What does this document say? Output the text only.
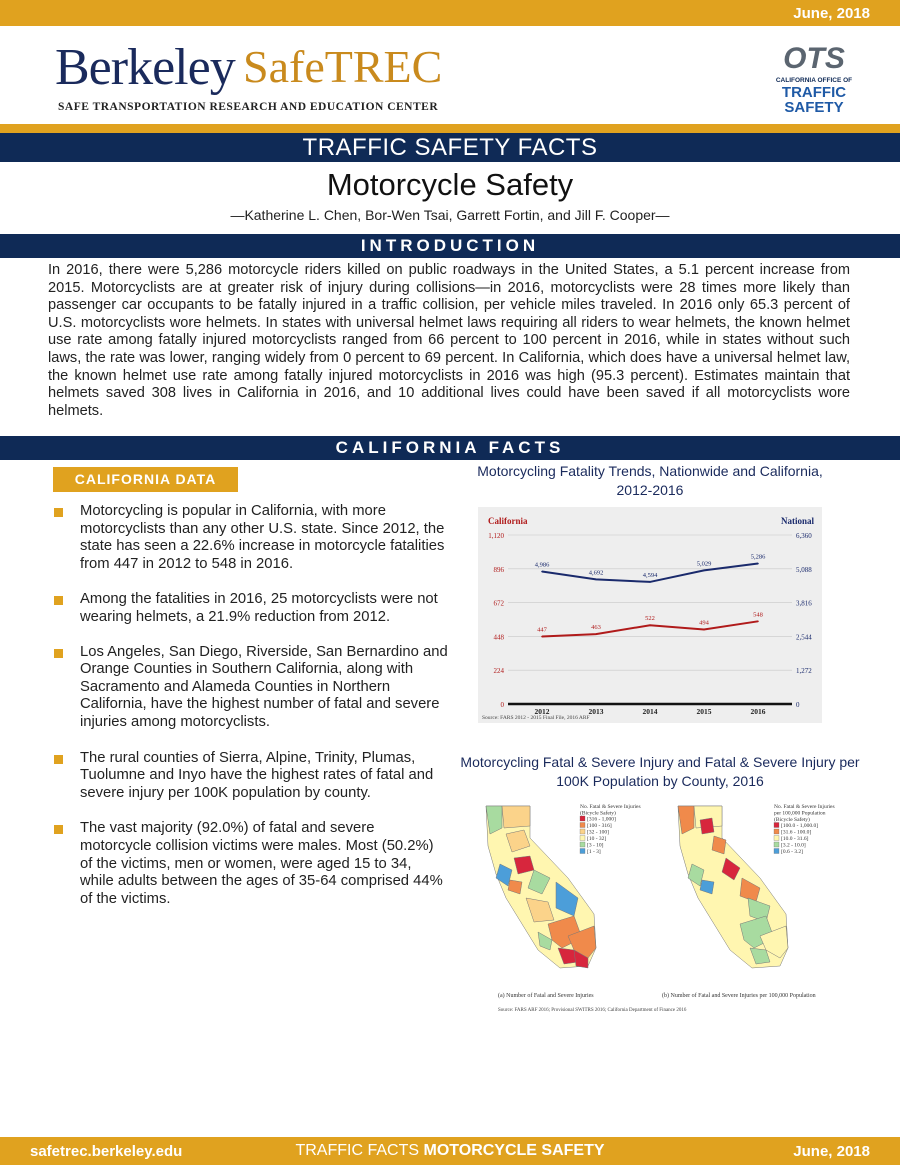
June, 2018
Berkeley SafeTREC
SAFE TRANSPORTATION RESEARCH AND EDUCATION CENTER
OTS
CALIFORNIA OFFICE OF
TRAFFIC
SAFETY
TRAFFIC SAFETY FACTS
Motorcycle Safety
—Katherine L. Chen, Bor-Wen Tsai, Garrett Fortin, and Jill F. Cooper—
INTRODUCTION
In 2016, there were 5,286 motorcycle riders killed on public roadways in the United States, a 5.1 percent increase from 2015. Motorcyclists are at greater risk of injury during collisions—in 2016, motorcyclists were 28 times more likely than passenger car occupants to be fatally injured in a traffic collision, per vehicle miles traveled. In 2016 only 65.3 percent of U.S. motorcyclists wore helmets. In states with universal helmet laws requiring all riders to wear helmets, the known helmet use rate among fatally injured motorcyclists ranged from 66 percent to 100 percent in 2016, while in states without such laws, the rate was lower, ranging widely from 0 percent to 69 percent. In California, which does have a universal helmet law, the known helmet use rate among fatally injured motorcyclists in 2016 was high (95.3 percent). Estimates maintain that helmets saved 308 lives in California in 2016, and 10 additional lives could have been saved if all motorcyclists wore helmets.
CALIFORNIA FACTS
CALIFORNIA DATA
Motorcycling is popular in California, with more motorcyclists than any other U.S. state. Since 2012, the state has seen a 22.6% increase in motorcycle fatalities from 447 in 2012 to 548 in 2016.
Among the fatalities in 2016, 25 motorcyclists were not wearing helmets, a 21.9% reduction from 2012.
Los Angeles, San Diego, Riverside, San Bernardino and Orange Counties in Southern California, along with Sacramento and Alameda Counties in Northern California, have the highest number of fatal and severe injuries among motorcyclists.
The rural counties of Sierra, Alpine, Trinity, Plumas, Tuolumne and Inyo have the highest rates of fatal and severe injury per 100K population by county.
The vast majority (92.0%) of fatal and severe motorcycle collision victims were males. Most (50.2%) of the victims, men or women, were aged 15 to 34, while adults between the ages of 35-64 comprised 44% of the victims.
Motorcycling Fatality Trends, Nationwide and California, 2012-2016
California	National
1,120	6,360
896	5,088
672	3,816
448	2,544
224	1,272
0	0
4,986
4,692	4,594
5,029
5,286
447	463
522
494
548
2012	2013	2014	2015	2016
Source: FARS 2012 - 2015 Final File, 2016 ARF
Motorcycling Fatal & Severe Injury and Fatal & Severe Injury per 100K Population by County, 2016
No. Fatal & Severe Injuries
(Bicycle Safety)
[316 - 1,000]
[100 - 316]
[32 - 100]
[10 - 32]
[3 - 10]
[1 - 3]
(a) Number of Fatal and Severe Injuries
No. Fatal & Severe Injuries
per 100,000 Population
(Bicycle Safety)
[100.0 - 1,000.0]
[31.6 - 100.0]
[10.0 - 31.6]
[3.2 - 10.0]
[0.6 - 3.2]
(b) Number of Fatal and Severe Injuries per 100,000 Population
Source: FARS ARF 2016; Provisional SWITRS 2016; California Department of Finance 2016
safetrec.berkeley.edu	TRAFFIC FACTS MOTORCYCLE SAFETY	June, 2018
